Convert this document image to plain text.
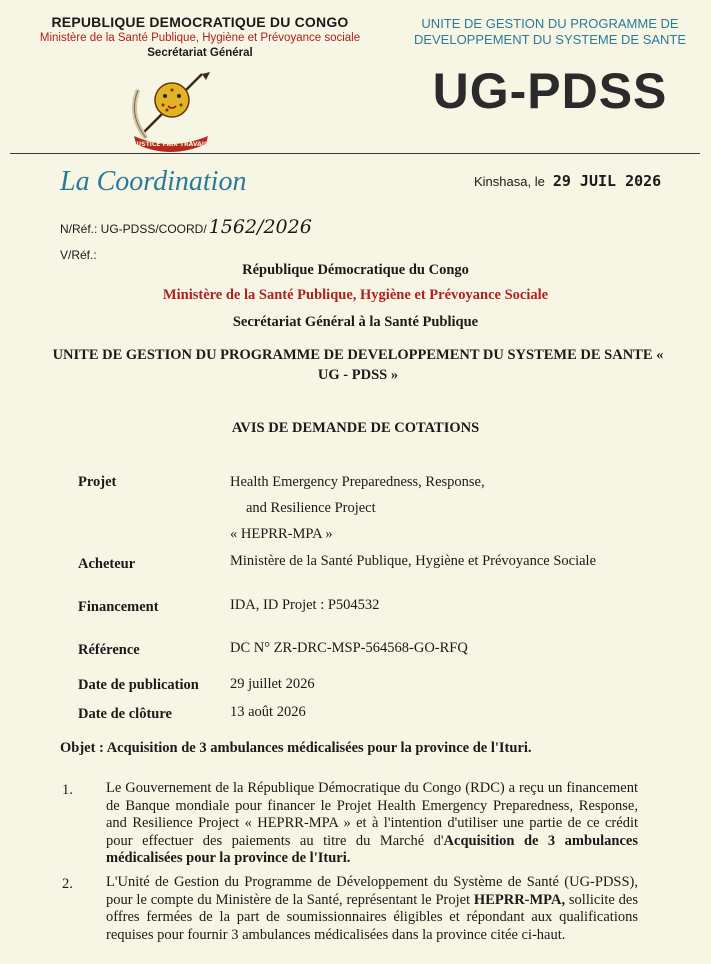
REPUBLIQUE DEMOCRATIQUE DU CONGO
Ministère de la Santé Publique, Hygiène et Prévoyance sociale
Secrétariat Général
JUSTICE PAIX TRAVAIL
UNITE DE GESTION DU PROGRAMME DE
DEVELOPPEMENT DU SYSTEME DE SANTE
UG-PDSS
La Coordination	Kinshasa, le 29 JUIL 2026
N/Réf.: UG-PDSS/COORD/ 1562/2026
V/Réf.:
République Démocratique du Congo
Ministère de la Santé Publique, Hygiène et Prévoyance Sociale
Secrétariat Général à la Santé Publique
UNITE DE GESTION DU PROGRAMME DE DEVELOPPEMENT DU SYSTEME DE SANTE « UG - PDSS »
AVIS DE DEMANDE DE COTATIONS
Projet	Health Emergency Preparedness, Response,
and Resilience Project
« HEPRR-MPA »
Acheteur	Ministère de la Santé Publique, Hygiène et Prévoyance Sociale
Financement	IDA, ID Projet : P504532
Référence	DC N° ZR-DRC-MSP-564568-GO-RFQ
Date de publication 29 juillet 2026
Date de clôture	13 août 2026
Objet : Acquisition de 3 ambulances médicalisées pour la province de l'Ituri.
1. Le Gouvernement de la République Démocratique du Congo (RDC) a reçu un financement de Banque mondiale pour financer le Projet Health Emergency Preparedness, Response, and Resilience Project « HEPRR-MPA » et à l'intention d'utiliser une partie de ce crédit pour effectuer des paiements au titre du Marché d'Acquisition de 3 ambulances médicalisées pour la province de l'Ituri.
2. L'Unité de Gestion du Programme de Développement du Système de Santé (UG-PDSS), pour le compte du Ministère de la Santé, représentant le Projet HEPRR-MPA, sollicite des offres fermées de la part de soumissionnaires éligibles et répondant aux qualifications requises pour fournir 3 ambulances médicalisées dans la province citée ci-haut.
